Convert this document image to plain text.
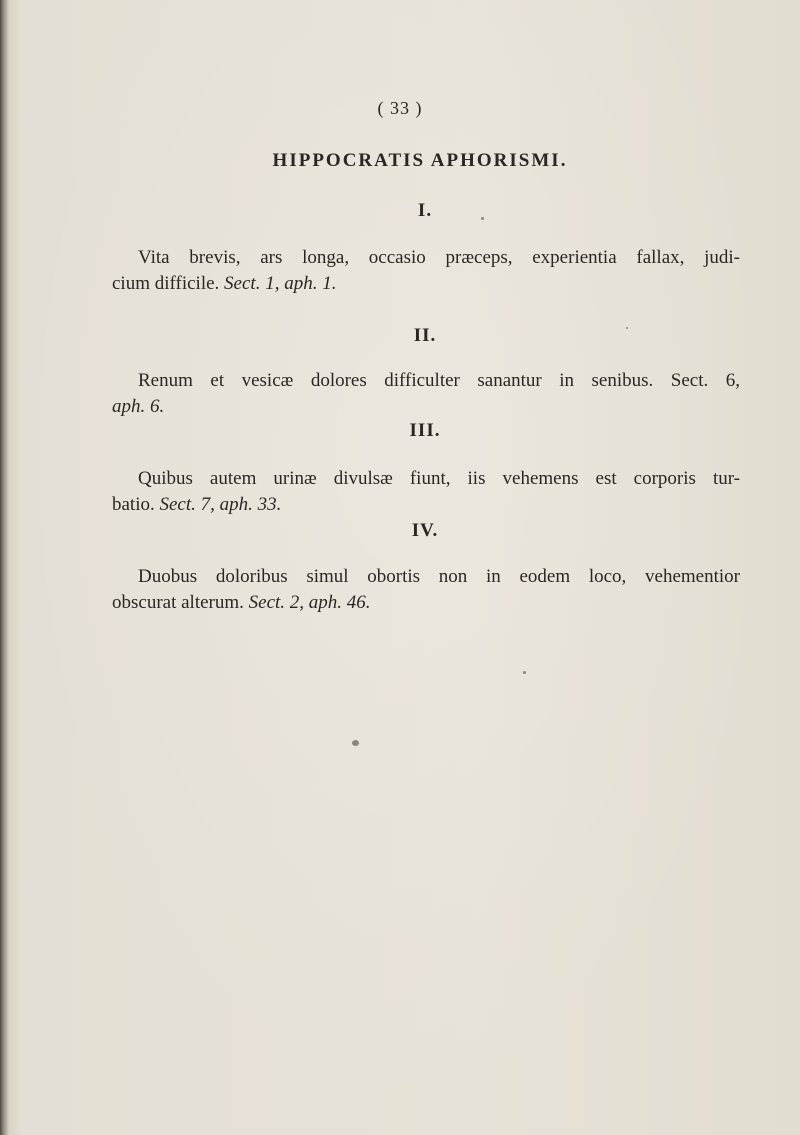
( 33 )
HIPPOCRATIS APHORISMI.
I.
Vita brevis, ars longa, occasio præceps, experientia fallax, judi-
cium difficile. Sect. 1, aph. 1.
II.
Renum et vesicæ dolores difficulter sanantur in senibus. Sect. 6,
aph. 6.
III.
Quibus autem urinæ divulsæ fiunt, iis vehemens est corporis tur-
batio. Sect. 7, aph. 33.
IV.
Duobus doloribus simul obortis non in eodem loco, vehementior
obscurat alterum. Sect. 2, aph. 46.
